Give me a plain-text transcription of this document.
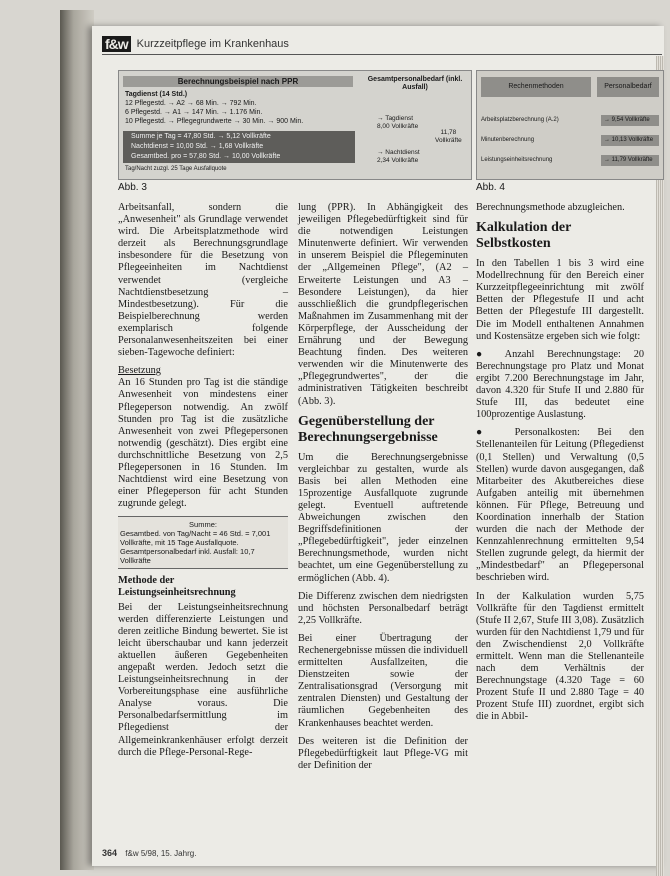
f&w Kurzzeitpflege im Krankenhaus
Berechnungsbeispiel nach PPR	Gesamtpersonalbedarf (inkl. Ausfall)
Tagdienst (14 Std.)
12 Pflegestd. → A2 → 68 Min. → 792 Min.
6 Pflegestd. → A1 → 147 Min. → 1.176 Min.
10 Pflegestd. → Pflegegrundwerte → 30 Min. → 900 Min.
Summe je Tag = 47,80 Std. → 5,12 Vollkräfte
Nachtdienst = 10,00 Std. → 1,68 Vollkräfte
Gesamtbed. pro = 57,80 Std. → 10,00 Vollkräfte
Tag/Nacht zuzgl. 25 Tage Ausfallquote
→ Tagdienst
8,00 Vollkräfte
→ Nachtdienst
2,34 Vollkräfte
11,78
Vollkräfte
Rechenmethoden	Personalbedarf
Arbeitsplatzberechnung (A.2)	→ 9,54 Vollkräfte
Minutenberechnung	→ 10,13 Vollkräfte
Leistungseinheitsrechnung	→ 11,79 Vollkräfte
Abb. 3	Abb. 4

Arbeitsanfall, sondern die „Anwesenheit" als Grundlage verwendet wird. Die Arbeitsplatzmethode wird derzeit als Berechnungsgrundlage insbesondere für die Besetzung von Pflegeeinheiten im Nachtdienst verwendet (vergleiche Nachtdienstbesetzung – Mindestbesetzung). Für die Beispielberechnung werden exemplarisch folgende Personalanwesenheitszeiten bei einer sieben-Tagewoche definiert:

Besetzung

An 16 Stunden pro Tag ist die ständige Anwesenheit von mindestens einer Pflegeperson notwendig. An zwölf Stunden pro Tag ist die zusätzliche Anwesenheit von zwei Pflegepersonen notwendig (geschätzt). Dies ergibt eine durchschnittliche Besetzung von 2,5 Pflegepersonen in 16 Stunden. Im Nachtdienst wird eine Besetzung von einer Pflegeperson für acht Stunden zugrunde gelegt.

Summe:
Gesamtbed. von Tag/Nacht = 46 Std. = 7,001 Vollkräfte, mit 15 Tage Ausfallquote. Gesamtpersonalbedarf inkl. Ausfall: 10,7 Vollkräfte
Methode der Leistungseinheitsrechnung

Bei der Leistungseinheitsrechnung werden differenzierte Leistungen und deren zeitliche Bindung bewertet. Sie ist leicht überschaubar und kann jederzeit aktuellen äußeren Gegebenheiten angepaßt werden. Jedoch setzt die Leistungseinheitsrechnung in der Vorbereitungsphase eine ausführliche Analyse voraus. Die Personalbedarfsermittlung im Pflegedienst der Allgemeinkrankenhäuser erfolgt derzeit durch die Pflege-Personal-Rege-

lung (PPR). In Abhängigkeit des jeweiligen Pflegebedürftigkeit sind für die notwendigen Leistungen Minutenwerte definiert. Wir verwenden in unserem Beispiel die Pflegeminuten der „Allgemeinen Pflege", (A2 – Erweiterte Leistungen und A3 – Besondere Leistungen), da hier ausschließlich die grundpflegerischen Maßnahmen im Zusammenhang mit der Körperpflege, der Ausscheidung der Ernährung und der Bewegung Beachtung finden. Des weiteren verwenden wir die Minutenwerte des „Pflegegrundwertes", der die administrativen Tätigkeiten beschreibt (Abb. 3).

Gegenüberstellung der Berechnungsergebnisse

Um die Berechnungsergebnisse vergleichbar zu gestalten, wurde als Basis bei allen Methoden eine 15prozentige Ausfallquote zugrunde gelegt. Eventuell auftretende Abweichungen zwischen den Begriffsdefinitionen der „Pflegebedürftigkeit", jeder einzelnen Berechnungsmethode, wurden nicht beachtet, um eine Gegenüberstellung zu ermöglichen (Abb. 4).

Die Differenz zwischen dem niedrigsten und höchsten Personalbedarf beträgt 2,25 Vollkräfte.

Bei einer Übertragung der Rechenergebnisse müssen die individuell ermittelten Ausfallzeiten, die Dienstzeiten sowie der Zentralisationsgrad (Versorgung mit zentralen Diensten) und Gestaltung der räumlichen Gegebenheiten des Krankenhauses beachtet werden.

Des weiteren ist die Definition der Pflegebedürftigkeit laut Pflege-VG mit der Definition der

Berechnungsmethode abzugleichen.

Kalkulation der Selbstkosten

In den Tabellen 1 bis 3 wird eine Modellrechnung für den Bereich einer Kurzzeitpflegeeinrichtung mit zwölf Betten der Pflegestufe II und acht Betten der Pflegestufe III dargestellt. Die im Modell enthaltenen Annahmen und Kostensätze ergeben sich wie folgt:

● Anzahl Berechnungstage: 20 Berechnungstage pro Platz und Monat ergibt 7.200 Berechnungstage im Jahr, davon 4.320 für Stufe II und 2.880 für Stufe III, das bedeutet eine 100prozentige Auslastung.

● Personalkosten: Bei den Stellenanteilen für Leitung (Pflegedienst (0,1 Stellen) und Verwaltung (0,5 Stellen) wurde davon ausgegangen, daß Mitarbeiter des Akutbereiches diese Aufgaben anteilig mit übernehmen können. Für Pflege, Betreuung und Koordination innerhalb der Station wurden die nach der Methode der Kennzahlenrechnung ermittelten 9,54 Stellen zugrunde gelegt, da hiermit der „Mindestbedarf" an Pflegepersonal beschrieben wird.

In der Kalkulation wurden 5,75 Vollkräfte für den Tagdienst ermittelt (Stufe II 2,67, Stufe III 3,08). Zusätzlich wurden für den Nachtdienst 1,79 und für den Zwischendienst 2,0 Vollkräfte ermittelt. Wenn man die Stellenanteile nach dem Verhältnis der Berechnungstage (4.320 Tage = 60 Prozent Stufe II und 2.880 Tage = 40 Prozent Stufe III) zuordnet, ergibt sich die in Abbil-

364 f&w 5/98, 15. Jahrg.
